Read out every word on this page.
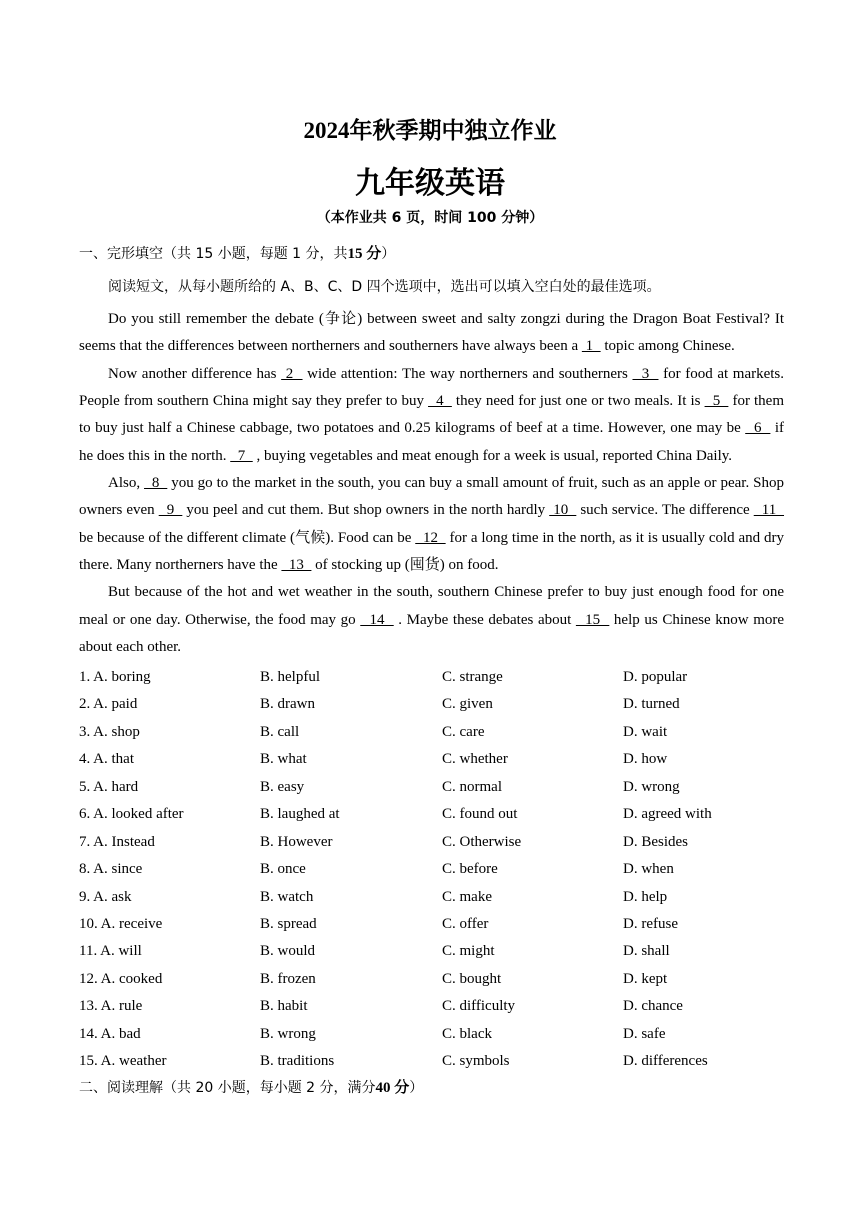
2024年秋季期中独立作业
九年级英语
（本作业共 6 页，时间 100 分钟）
一、完形填空（共 15 小题，每题 1 分，共15 分）
阅读短文，从每小题所给的 A、B、C、D 四个选项中，选出可以填入空白处的最佳选项。

Do you still remember the debate (争论) between sweet and salty zongzi during the Dragon Boat Festival? It seems that the differences between northerners and southerners have always been a  1   topic among Chinese.

Now another difference has  2   wide attention: The way northerners and southerners   3   for food at markets. People from southern China might say they prefer to buy   4   they need for just one or two meals. It is   5   for them to buy just half a Chinese cabbage, two potatoes and 0.25 kilograms of beef at a time. However, one may be   6   if he does this in the north.   7   , buying vegetables and meat enough for a week is usual, reported China Daily.

Also,   8   you go to the market in the south, you can buy a small amount of fruit, such as an apple or pear. Shop owners even   9   you peel and cut them. But shop owners in the north hardly  10   such service. The difference   11   be because of the different climate (气候). Food can be   12   for a long time in the north, as it is usually cold and dry there. Many northerners have the   13   of stocking up (囤货) on food.

But because of the hot and wet weather in the south, southern Chinese prefer to buy just enough food for one meal or one day. Otherwise, the food may go   14   . Maybe these debates about   15   help us Chinese know more about each other.

1. A. boring	B. helpful	C. strange	D. popular
2. A. paid	B. drawn	C. given	D. turned
3. A. shop	B. call	C. care	D. wait
4. A. that	B. what	C. whether	D. how
5. A. hard	B. easy	C. normal	D. wrong
6. A. looked after	B. laughed at	C. found out	D. agreed with
7. A. Instead	B. However	C. Otherwise	D. Besides
8. A. since	B. once	C. before	D. when
9. A. ask	B. watch	C. make	D. help
10. A. receive	B. spread	C. offer	D. refuse
11. A. will	B. would	C. might	D. shall
12. A. cooked	B. frozen	C. bought	D. kept
13. A. rule	B. habit	C. difficulty	D. chance
14. A. bad	B. wrong	C. black	D. safe
15. A. weather	B. traditions	C. symbols	D. differences
二、阅读理解（共 20 小题，每小题 2 分，满分40 分）
